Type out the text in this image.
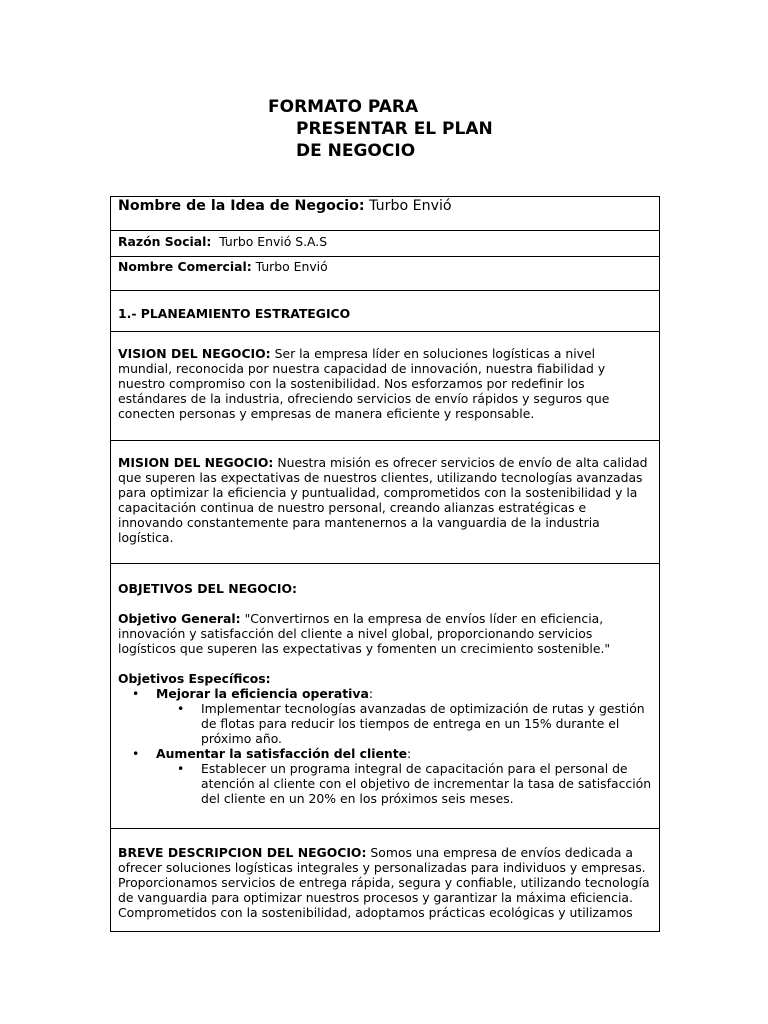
FORMATO PARA
PRESENTAR EL PLAN
DE NEGOCIO
Nombre de la Idea de Negocio: Turbo Envió

Razón Social: Turbo Envió S.A.S

Nombre Comercial: Turbo Envió

1.- PLANEAMIENTO ESTRATEGICO

VISION DEL NEGOCIO: Ser la empresa líder en soluciones logísticas a nivel mundial, reconocida por nuestra capacidad de innovación, nuestra fiabilidad y nuestro compromiso con la sostenibilidad. Nos esforzamos por redefinir los estándares de la industria, ofreciendo servicios de envío rápidos y seguros que conecten personas y empresas de manera eficiente y responsable.

MISION DEL NEGOCIO: Nuestra misión es ofrecer servicios de envío de alta calidad que superen las expectativas de nuestros clientes, utilizando tecnologías avanzadas para optimizar la eficiencia y puntualidad, comprometidos con la sostenibilidad y la capacitación continua de nuestro personal, creando alianzas estratégicas e innovando constantemente para mantenernos a la vanguardia de la industria logística.

OBJETIVOS DEL NEGOCIO:

Objetivo General: "Convertirnos en la empresa de envíos líder en eficiencia, innovación y satisfacción del cliente a nivel global, proporcionando servicios logísticos que superen las expectativas y fomenten un crecimiento sostenible."

Objetivos Específicos:

• Mejorar la eficiencia operativa:
• Implementar tecnologías avanzadas de optimización de rutas y gestión de flotas para reducir los tiempos de entrega en un 15% durante el próximo año.
• Aumentar la satisfacción del cliente:
• Establecer un programa integral de capacitación para el personal de atención al cliente con el objetivo de incrementar la tasa de satisfacción del cliente en un 20% en los próximos seis meses.

BREVE DESCRIPCION DEL NEGOCIO: Somos una empresa de envíos dedicada a ofrecer soluciones logísticas integrales y personalizadas para individuos y empresas. Proporcionamos servicios de entrega rápida, segura y confiable, utilizando tecnología de vanguardia para optimizar nuestros procesos y garantizar la máxima eficiencia. Comprometidos con la sostenibilidad, adoptamos prácticas ecológicas y utilizamos
